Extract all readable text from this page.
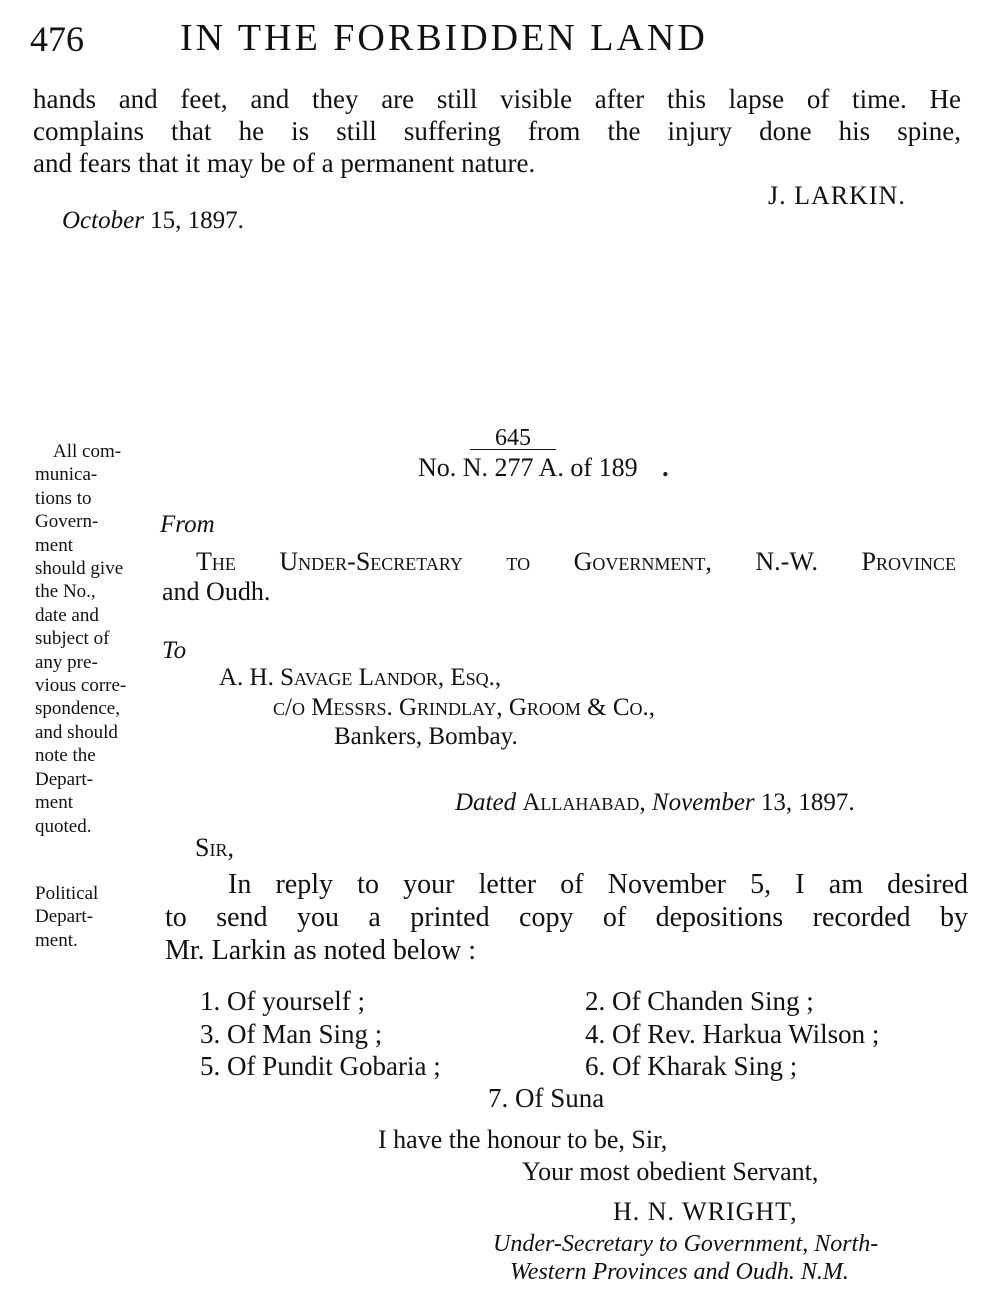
476	IN THE FORBIDDEN LAND
hands and feet, and they are still visible after this lapse of time. He
complains that he is still suffering from the injury done his spine,
and fears that it may be of a permanent nature.
J. LARKIN.
October 15, 1897.
All com-
munica-
tions to
Govern-
ment
should give
the No.,
date and
subject of
any pre-
vious corre-
spondence,
and should
note the
Depart-
ment
quoted.
Political
Depart-
ment.
645
No. N. 277 A. of 189 .
From
The Under-Secretary to Government, N.-W. Province
and Oudh.
To
A. H. Savage Landor, Esq.,
c/o Messrs. Grindlay, Groom & Co.,
Bankers, Bombay.
Dated Allahabad, November 13, 1897.
Sir,
In reply to your letter of November 5, I am desired
to send you a printed copy of depositions recorded by
Mr. Larkin as noted below :
1. Of yourself ;	2. Of Chanden Sing ;
3. Of Man Sing ;	4. Of Rev. Harkua Wilson ;
5. Of Pundit Gobaria ;	6. Of Kharak Sing ;
7. Of Suna
I have the honour to be, Sir,
Your most obedient Servant,
H. N. WRIGHT,
Under-Secretary to Government, North-
Western Provinces and Oudh. N.M.
